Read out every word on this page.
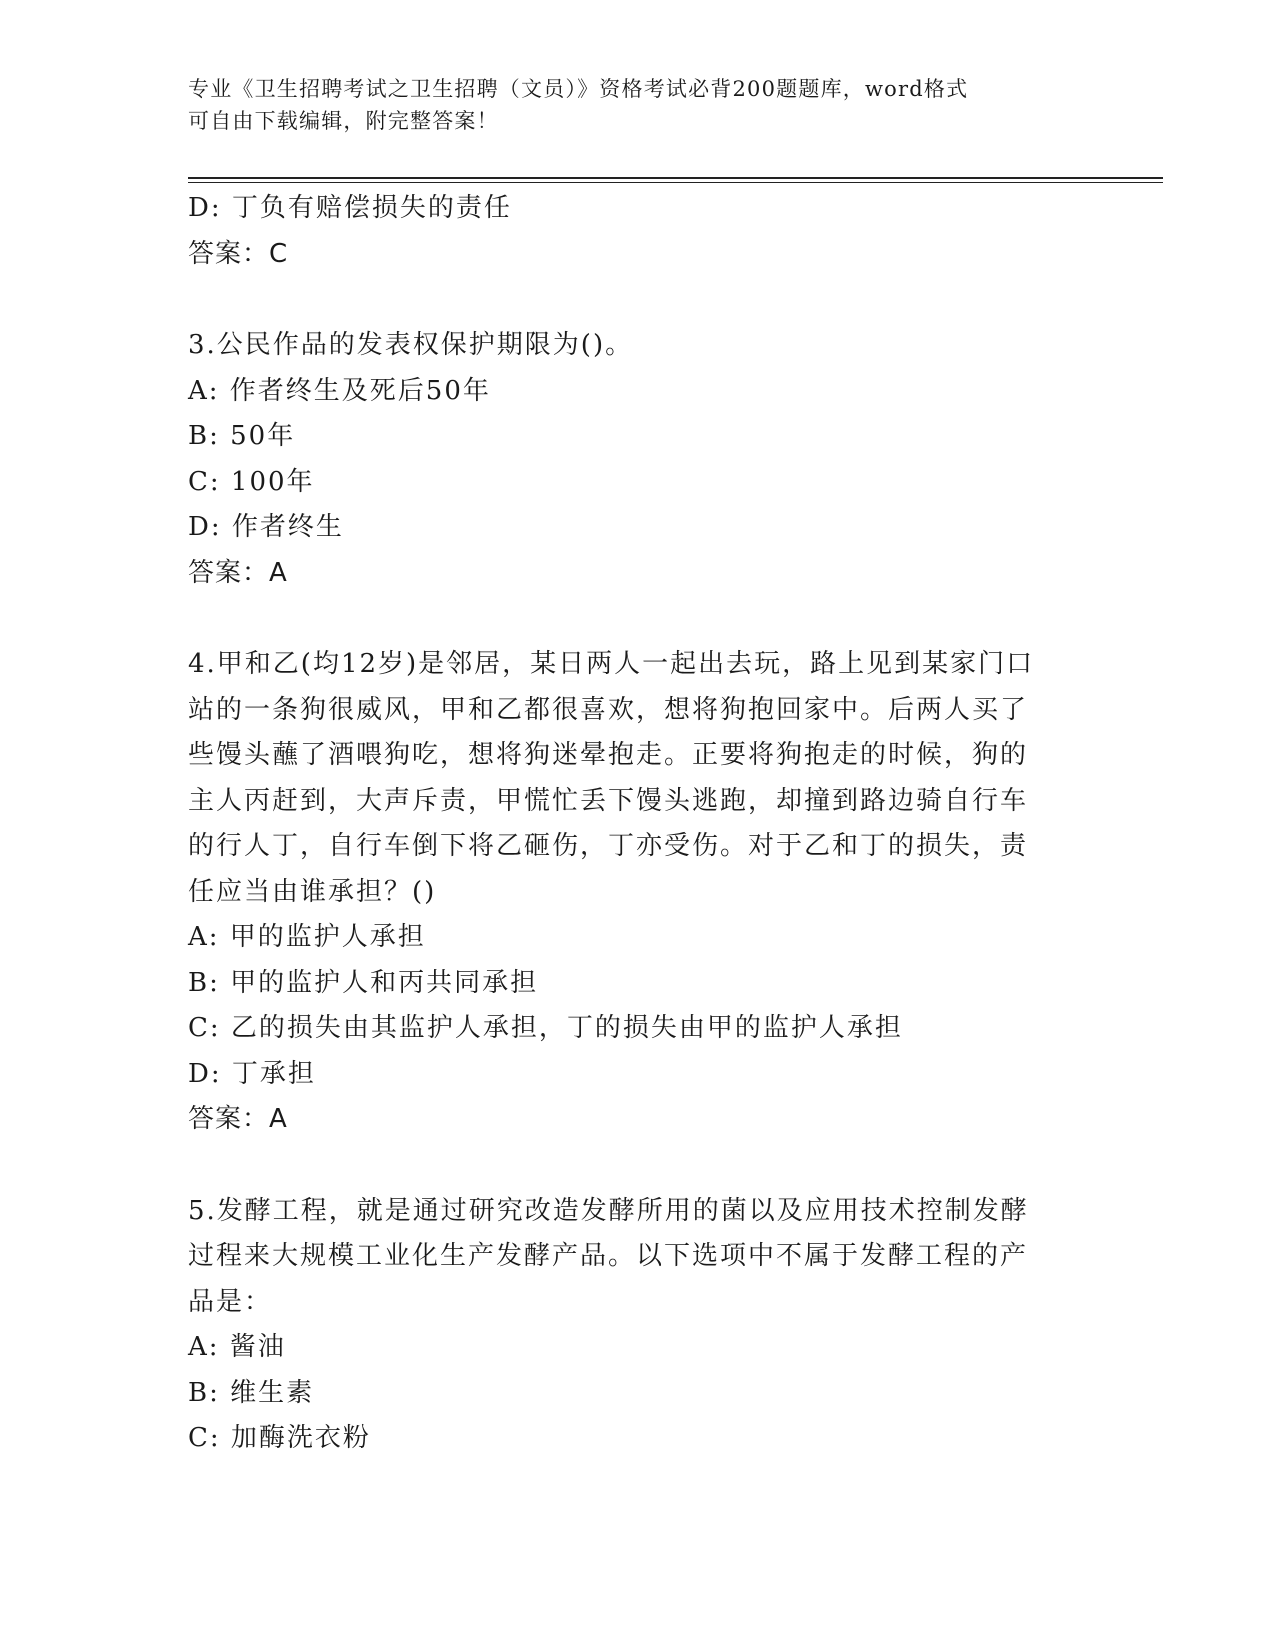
专业《卫生招聘考试之卫生招聘（文员）》资格考试必背200题题库，word格式
可自由下载编辑，附完整答案！

D: 丁负有赔偿损失的责任

答案：C

3.公民作品的发表权保护期限为()。

A: 作者终生及死后50年

B: 50年

C: 100年

D: 作者终生

答案：A

4.甲和乙(均12岁)是邻居，某日两人一起出去玩，路上见到某家门口

站的一条狗很威风，甲和乙都很喜欢，想将狗抱回家中。后两人买了

些馒头蘸了酒喂狗吃，想将狗迷晕抱走。正要将狗抱走的时候，狗的

主人丙赶到，大声斥责，甲慌忙丢下馒头逃跑，却撞到路边骑自行车

的行人丁，自行车倒下将乙砸伤，丁亦受伤。对于乙和丁的损失，责

任应当由谁承担？()

A: 甲的监护人承担

B: 甲的监护人和丙共同承担

C: 乙的损失由其监护人承担，丁的损失由甲的监护人承担

D: 丁承担

答案：A

5.发酵工程，就是通过研究改造发酵所用的菌以及应用技术控制发酵

过程来大规模工业化生产发酵产品。以下选项中不属于发酵工程的产

品是：

A: 酱油

B: 维生素

C: 加酶洗衣粉
